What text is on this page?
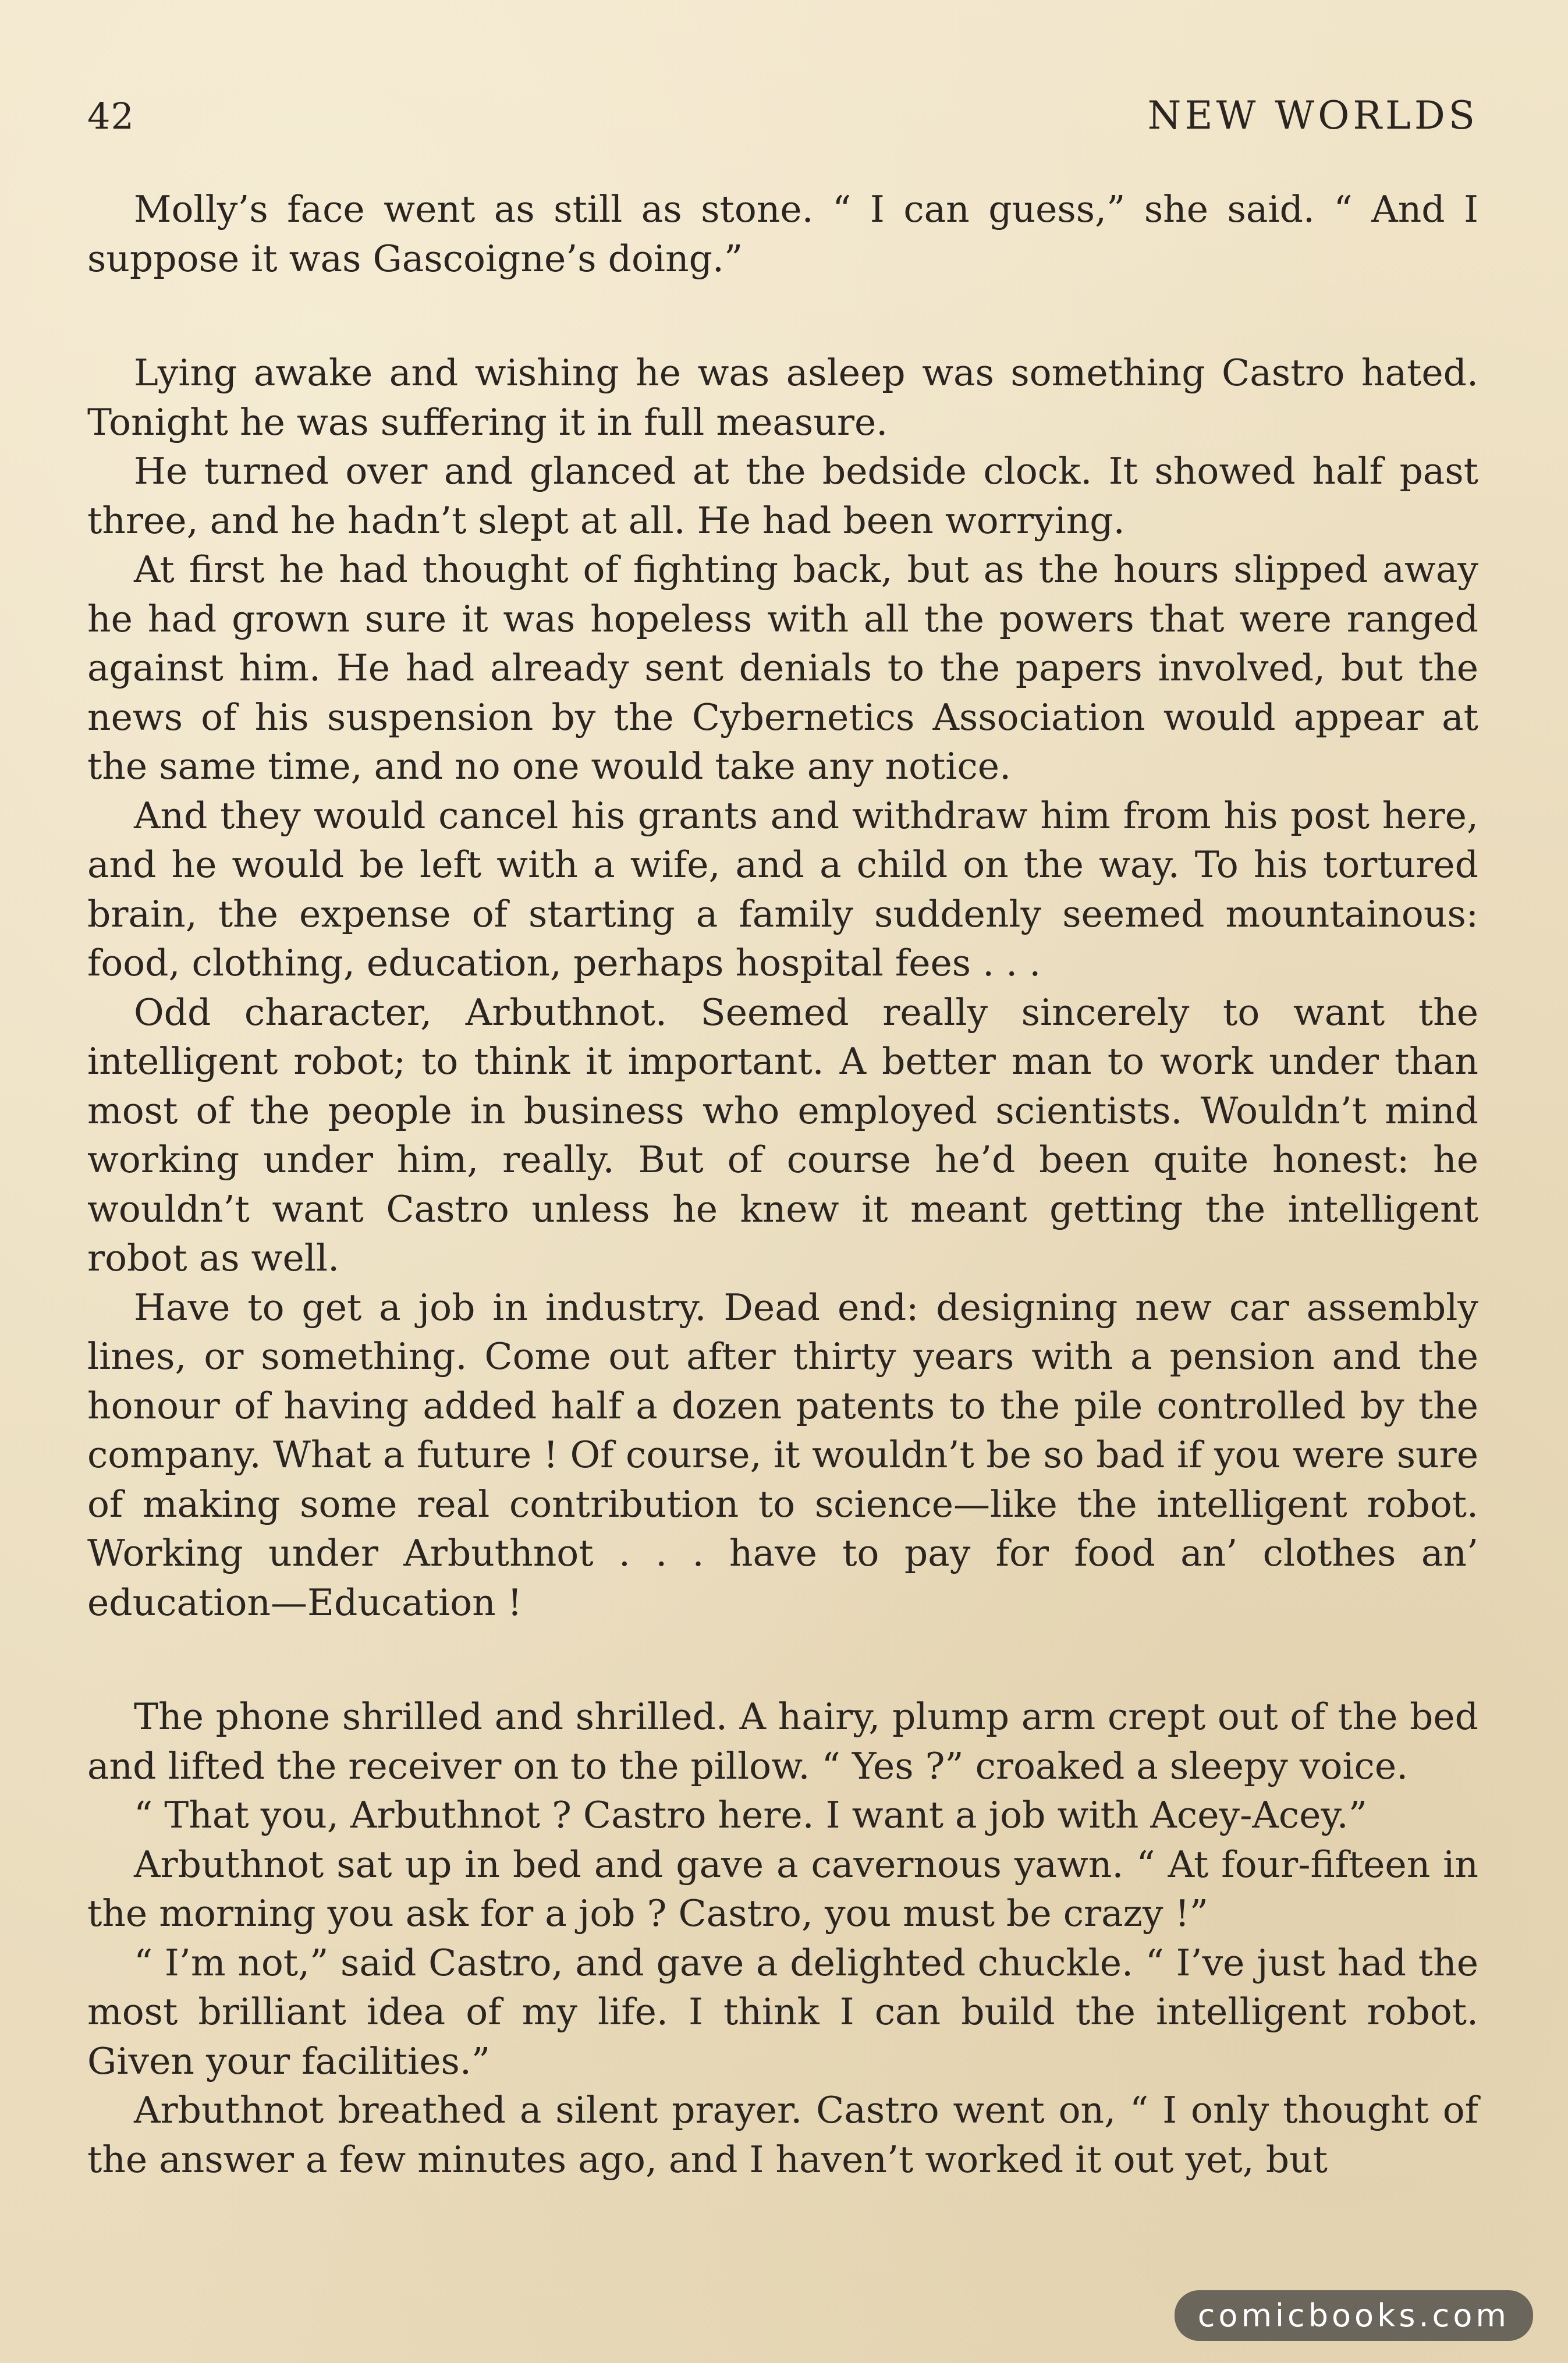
42	NEW WORLDS

Molly’s face went as still as stone. “ I can guess,” she said. “ And I suppose it was Gascoigne’s doing.”

Lying awake and wishing he was asleep was something Castro hated. Tonight he was suffering it in full measure.

He turned over and glanced at the bedside clock. It showed half past three, and he hadn’t slept at all. He had been worrying.

At first he had thought of fighting back, but as the hours slipped away he had grown sure it was hopeless with all the powers that were ranged against him. He had already sent denials to the papers involved, but the news of his suspension by the Cybernetics Association would appear at the same time, and no one would take any notice.

And they would cancel his grants and withdraw him from his post here, and he would be left with a wife, and a child on the way. To his tortured brain, the expense of starting a family suddenly seemed mountainous: food, clothing, education, perhaps hospital fees . . .

Odd character, Arbuthnot. Seemed really sincerely to want the intelligent robot; to think it important. A better man to work under than most of the people in business who employed scientists. Wouldn’t mind working under him, really. But of course he’d been quite honest: he wouldn’t want Castro unless he knew it meant getting the intelligent robot as well.

Have to get a job in industry. Dead end: designing new car assembly lines, or something. Come out after thirty years with a pension and the honour of having added half a dozen patents to the pile controlled by the company. What a future ! Of course, it wouldn’t be so bad if you were sure of making some real contribution to science—like the intelligent robot. Working under Arbuthnot . . . have to pay for food an’ clothes an’ education—Education !

The phone shrilled and shrilled. A hairy, plump arm crept out of the bed and lifted the receiver on to the pillow. “ Yes ?” croaked a sleepy voice.

“ That you, Arbuthnot ? Castro here. I want a job with Acey-Acey.”

Arbuthnot sat up in bed and gave a cavernous yawn. “ At four-fifteen in the morning you ask for a job ? Castro, you must be crazy !”

“ I’m not,” said Castro, and gave a delighted chuckle. “ I’ve just had the most brilliant idea of my life. I think I can build the intelligent robot. Given your facilities.”

Arbuthnot breathed a silent prayer. Castro went on, “ I only thought of the answer a few minutes ago, and I haven’t worked it out yet, but

comicbooks.com
